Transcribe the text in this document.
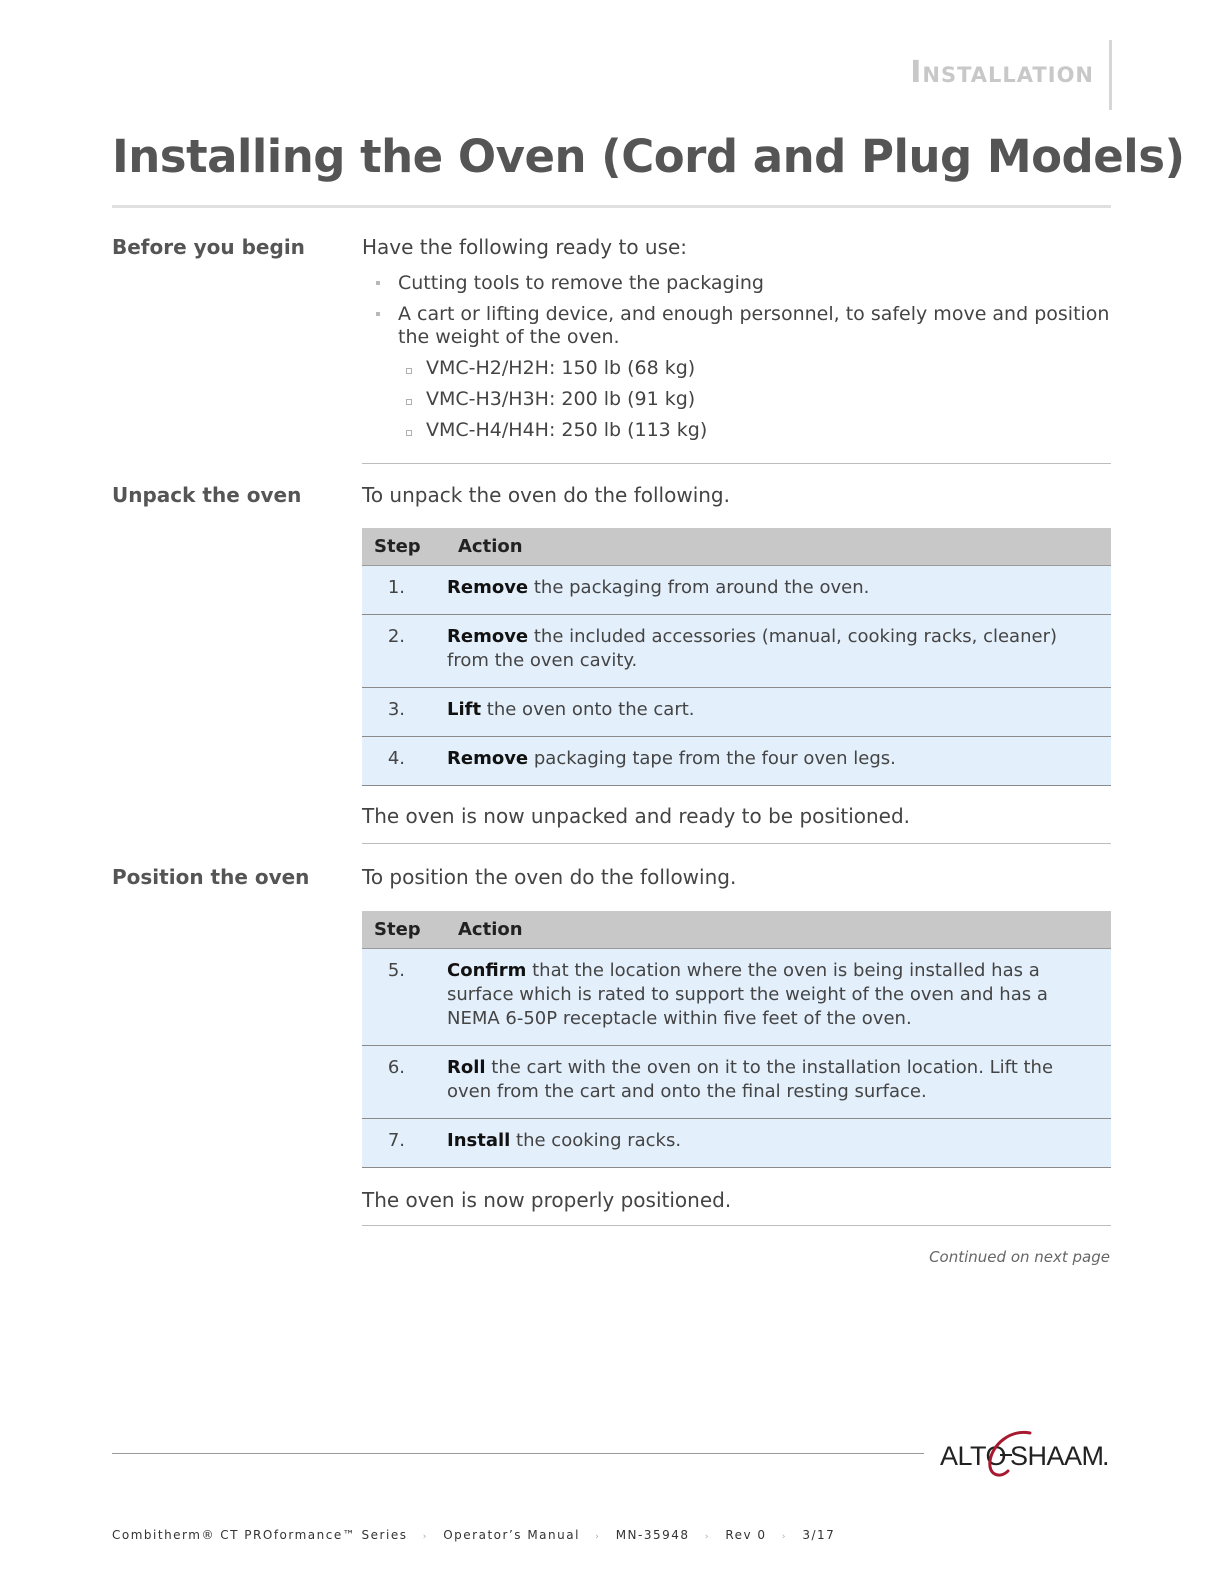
Installation
Installing the Oven (Cord and Plug Models)
Before you begin	Have the following ready to use:
Cutting tools to remove the packaging
A cart or lifting device, and enough personnel, to safely move and position the weight of the oven.
VMC-H2/H2H: 150 lb (68 kg)
VMC-H3/H3H: 200 lb (91 kg)
VMC-H4/H4H: 250 lb (113 kg)
Unpack the oven	To unpack the oven do the following.
Step		Action
1.		Remove the packaging from around the oven.
2.		Remove the included accessories (manual, cooking racks, cleaner) from the oven cavity.
3.		Lift the oven onto the cart.
4.		Remove packaging tape from the four oven legs.
The oven is now unpacked and ready to be positioned.
Position the oven	To position the oven do the following.
Step		Action
5.		Confirm that the location where the oven is being installed has a surface which is rated to support the weight of the oven and has a NEMA 6-50P receptacle within five feet of the oven.
6.		Roll the cart with the oven on it to the installation location. Lift the oven from the cart and onto the final resting surface.
7.		Install the cooking racks.
The oven is now properly positioned.
Continued on next page
ALTO SHAAM
.
Combitherm® CT PROformance™ Series › Operator’s Manual › MN-35948 › Rev 0 › 3/17
